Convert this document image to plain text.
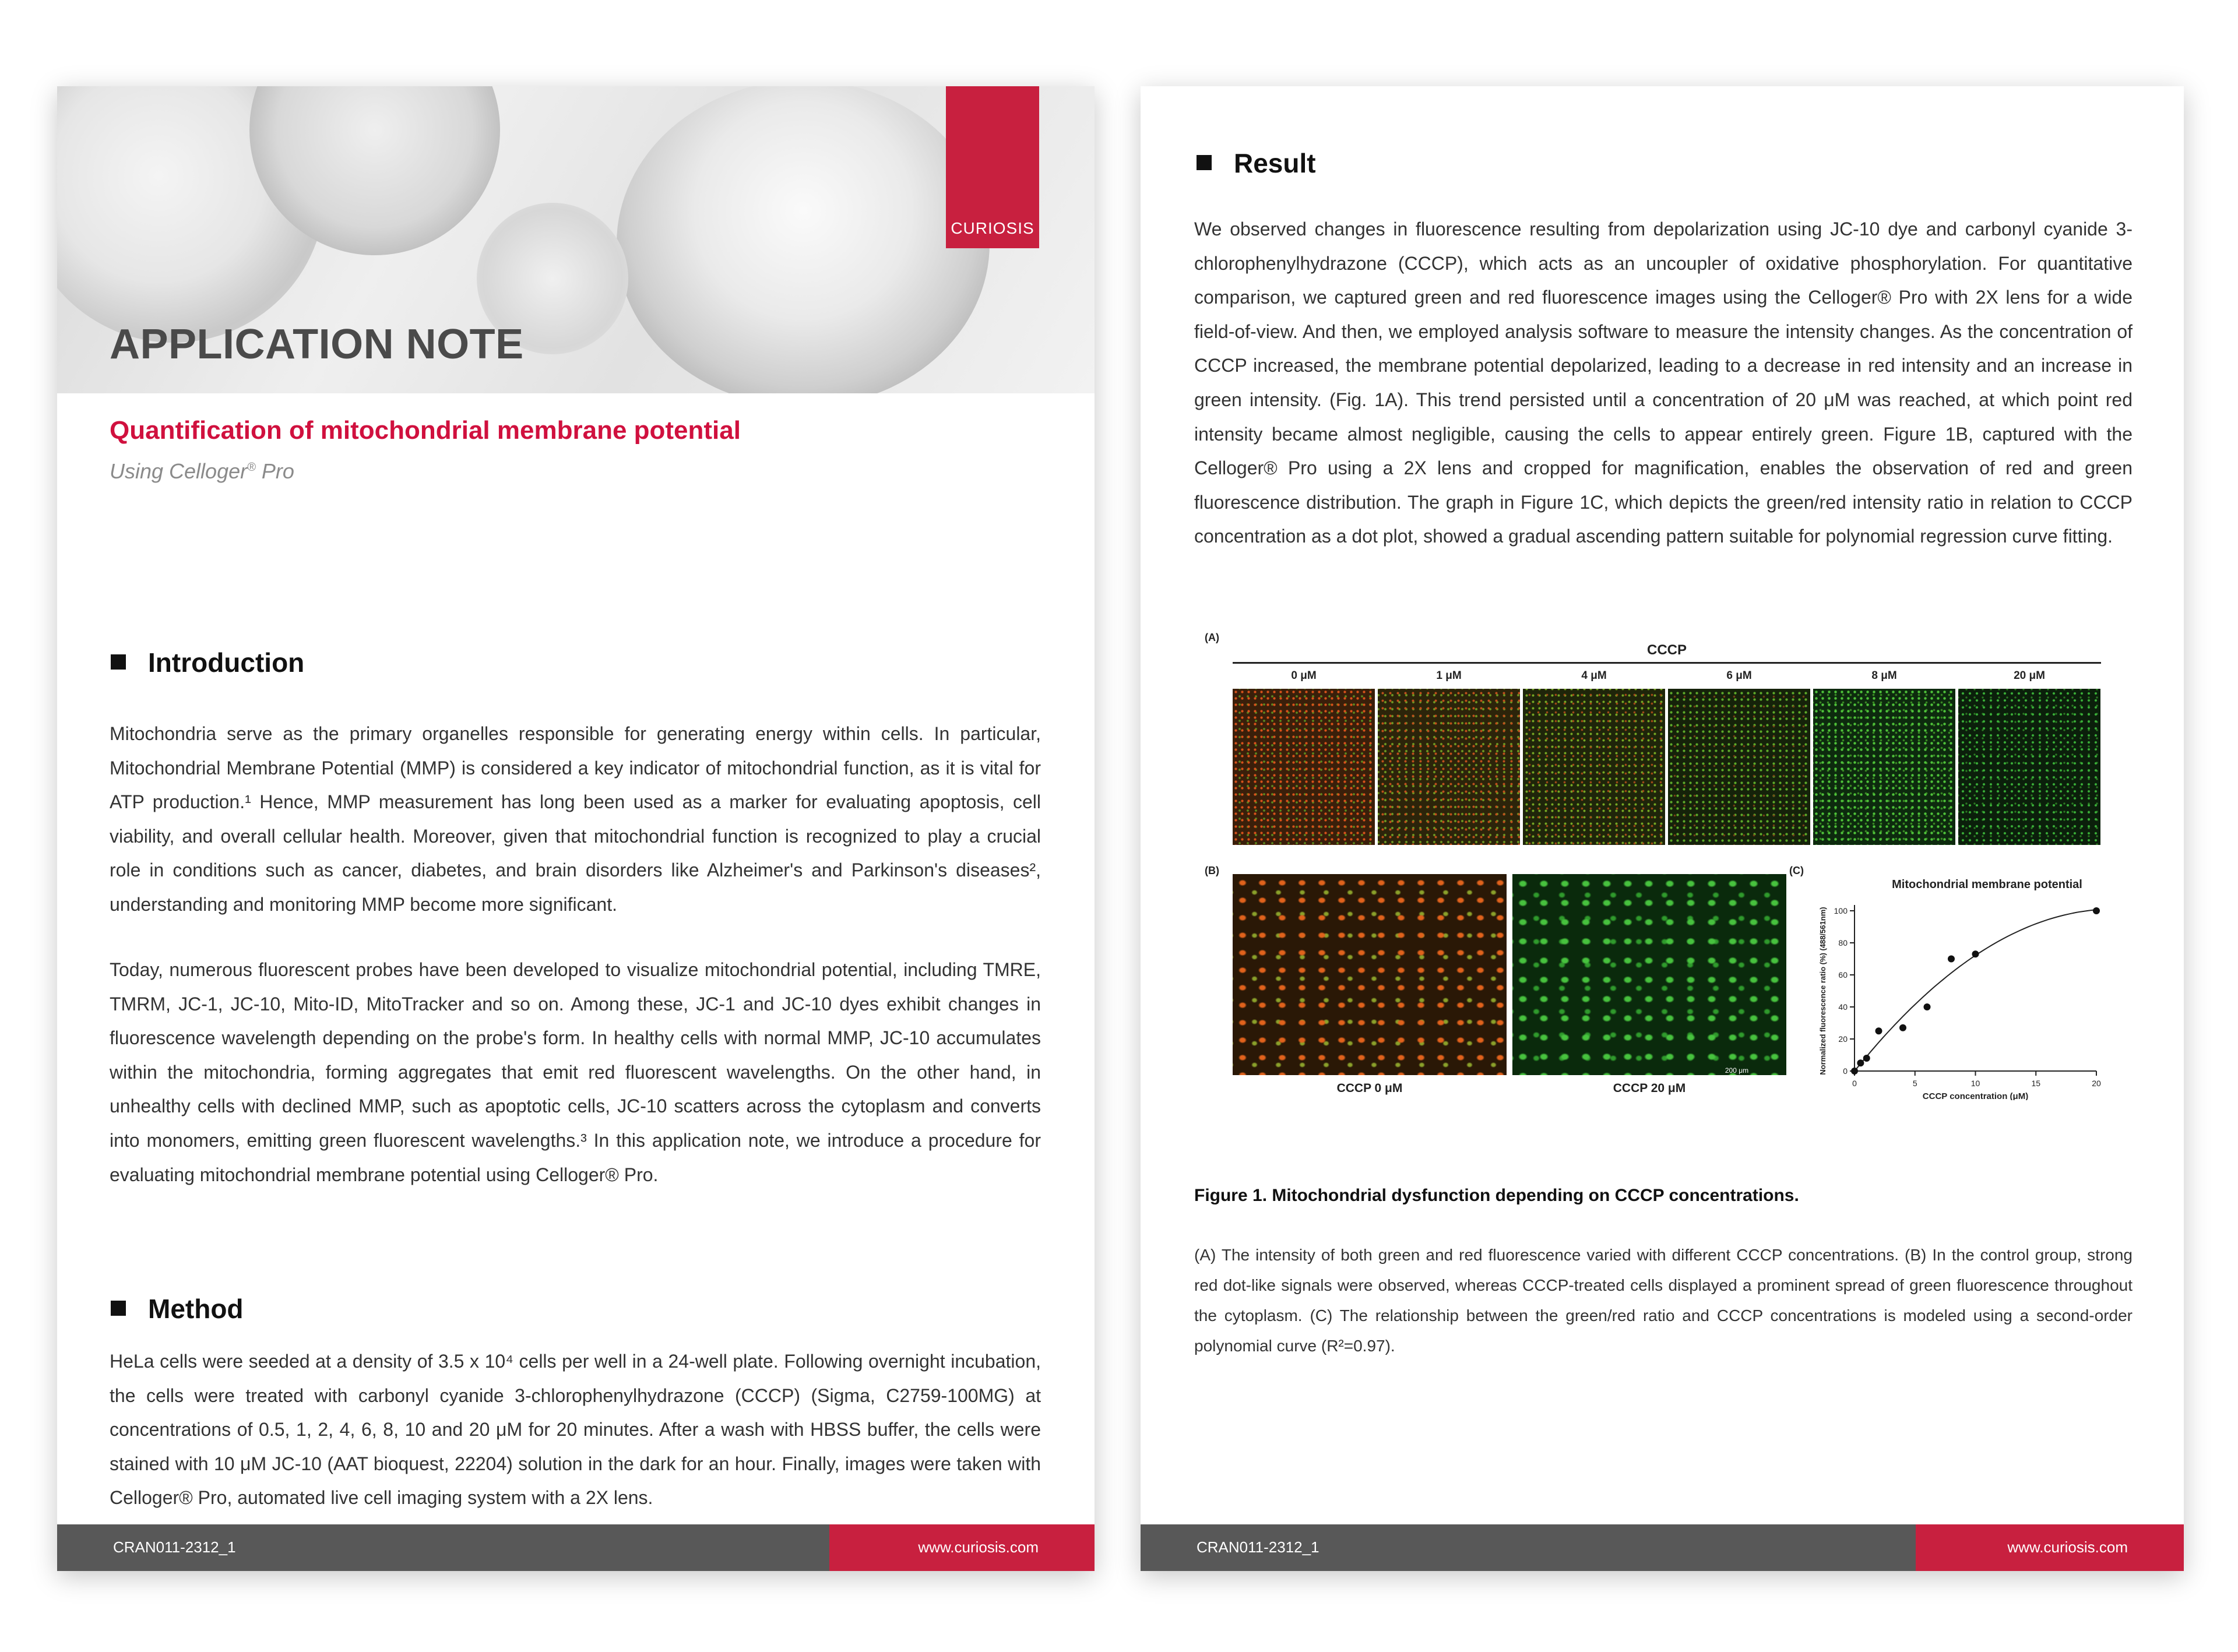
CURIOSIS
APPLICATION NOTE
Quantification of mitochondrial membrane potential

Using Celloger® Pro

Introduction

Mitochondria serve as the primary organelles responsible for generating energy within cells. In particular, Mitochondrial Membrane Potential (MMP) is considered a key indicator of mitochondrial function, as it is vital for ATP production.¹ Hence, MMP measurement has long been used as a marker for evaluating apoptosis, cell viability, and overall cellular health. Moreover, given that mitochondrial function is recognized to play a crucial role in conditions such as cancer, diabetes, and brain disorders like Alzheimer's and Parkinson's diseases², understanding and monitoring MMP become more significant.

Today, numerous fluorescent probes have been developed to visualize mitochondrial potential, including TMRE, TMRM, JC-1, JC-10, Mito-ID, MitoTracker and so on. Among these, JC-1 and JC-10 dyes exhibit changes in fluorescence wavelength depending on the probe's form. In healthy cells with normal MMP, JC-10 accumulates within the mitochondria, forming aggregates that emit red fluorescent wavelengths. On the other hand, in unhealthy cells with declined MMP, such as apoptotic cells, JC-10 scatters across the cytoplasm and converts into monomers, emitting green fluorescent wavelengths.³ In this application note, we introduce a procedure for evaluating mitochondrial membrane potential using Celloger® Pro.

Method

HeLa cells were seeded at a density of 3.5 x 10⁴ cells per well in a 24-well plate. Following overnight incubation, the cells were treated with carbonyl cyanide 3-chlorophenylhydrazone (CCCP) (Sigma, C2759-100MG) at concentrations of 0.5, 1, 2, 4, 6, 8, 10 and 20 μM for 20 minutes. After a wash with HBSS buffer, the cells were stained with 10 μM JC-10 (AAT bioquest, 22204) solution in the dark for an hour. Finally, images were taken with Celloger® Pro, automated live cell imaging system with a 2X lens.

CRAN011-2312_1	www.curiosis.com
Result

We observed changes in fluorescence resulting from depolarization using JC-10 dye and carbonyl cyanide 3-chlorophenylhydrazone (CCCP), which acts as an uncoupler of oxidative phosphorylation. For quantitative comparison, we captured green and red fluorescence images using the Celloger® Pro with 2X lens for a wide field-of-view. And then, we employed analysis software to measure the intensity changes. As the concentration of CCCP increased, the membrane potential depolarized, leading to a decrease in red intensity and an increase in green intensity. (Fig. 1A). This trend persisted until a concentration of 20 μM was reached, at which point red intensity became almost negligible, causing the cells to appear entirely green. Figure 1B, captured with the Celloger® Pro using a 2X lens and cropped for magnification, enables the observation of red and green fluorescence distribution. The graph in Figure 1C, which depicts the green/red intensity ratio in relation to CCCP concentration as a dot plot, showed a gradual ascending pattern suitable for polynomial regression curve fitting.

(A)

(B)	(C)

CCCP
0 μM	1 μM	4 μM	6 μM	8 μM	20 μM
200 μm
CCCP 0 μM	CCCP 20 μM
Mitochondrial membrane potential
0
20
40
60
80
100
0	5	10	15	20
CCCP concentration (μM)
Normalized fluorescence ratio (%) (488/561nm)

Figure 1. Mitochondrial dysfunction depending on CCCP concentrations.

(A) The intensity of both green and red fluorescence varied with different CCCP concentrations. (B) In the control group, strong red dot-like signals were observed, whereas CCCP-treated cells displayed a prominent spread of green fluorescence throughout the cytoplasm. (C) The relationship between the green/red ratio and CCCP concentrations is modeled using a second-order polynomial curve (R²=0.97).

CRAN011-2312_1	www.curiosis.com
